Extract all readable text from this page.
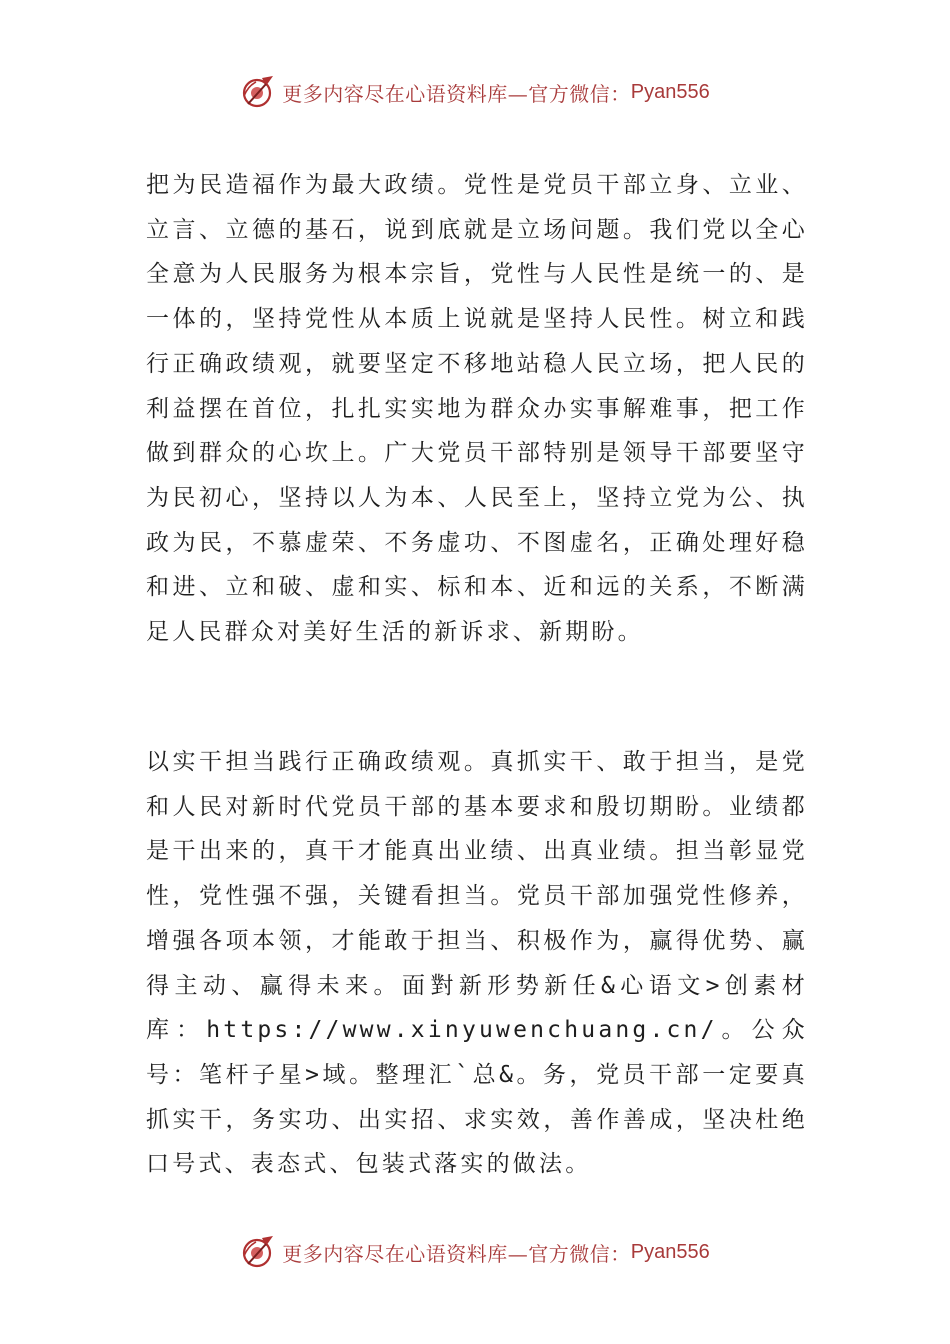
更多内容尽在心语资料库—官方微信： Pyan556

把为民造福作为最大政绩。党性是党员干部立身、立业、立言、立德的基石，说到底就是立场问题。我们党以全心全意为人民服务为根本宗旨，党性与人民性是统一的、是一体的，坚持党性从本质上说就是坚持人民性。树立和践行正确政绩观，就要坚定不移地站稳人民立场，把人民的利益摆在首位，扎扎实实地为群众办实事解难事，把工作做到群众的心坎上。广大党员干部特别是领导干部要坚守为民初心，坚持以人为本、人民至上，坚持立党为公、执政为民，不慕虚荣、不务虚功、不图虚名，正确处理好稳和进、立和破、虚和实、标和本、近和远的关系，不断满足人民群众对美好生活的新诉求、新期盼。

以实干担当践行正确政绩观。真抓实干、敢于担当，是党和人民对新时代党员干部的基本要求和殷切期盼。业绩都是干出来的，真干才能真出业绩、出真业绩。担当彰显党性，党性强不强，关键看担当。党员干部加强党性修养，增强各项本领，才能敢于担当、积极作为，赢得优势、赢得主动、赢得未来。面對新形势新任&心语文>创素材库：https://www.xinyuwenchuang.cn/。公众号：笔杆子星>域。整理汇`总&。务，党员干部一定要真抓实干，务实功、出实招、求实效，善作善成，坚决杜绝口号式、表态式、包装式落实的做法。

更多内容尽在心语资料库—官方微信： Pyan556
